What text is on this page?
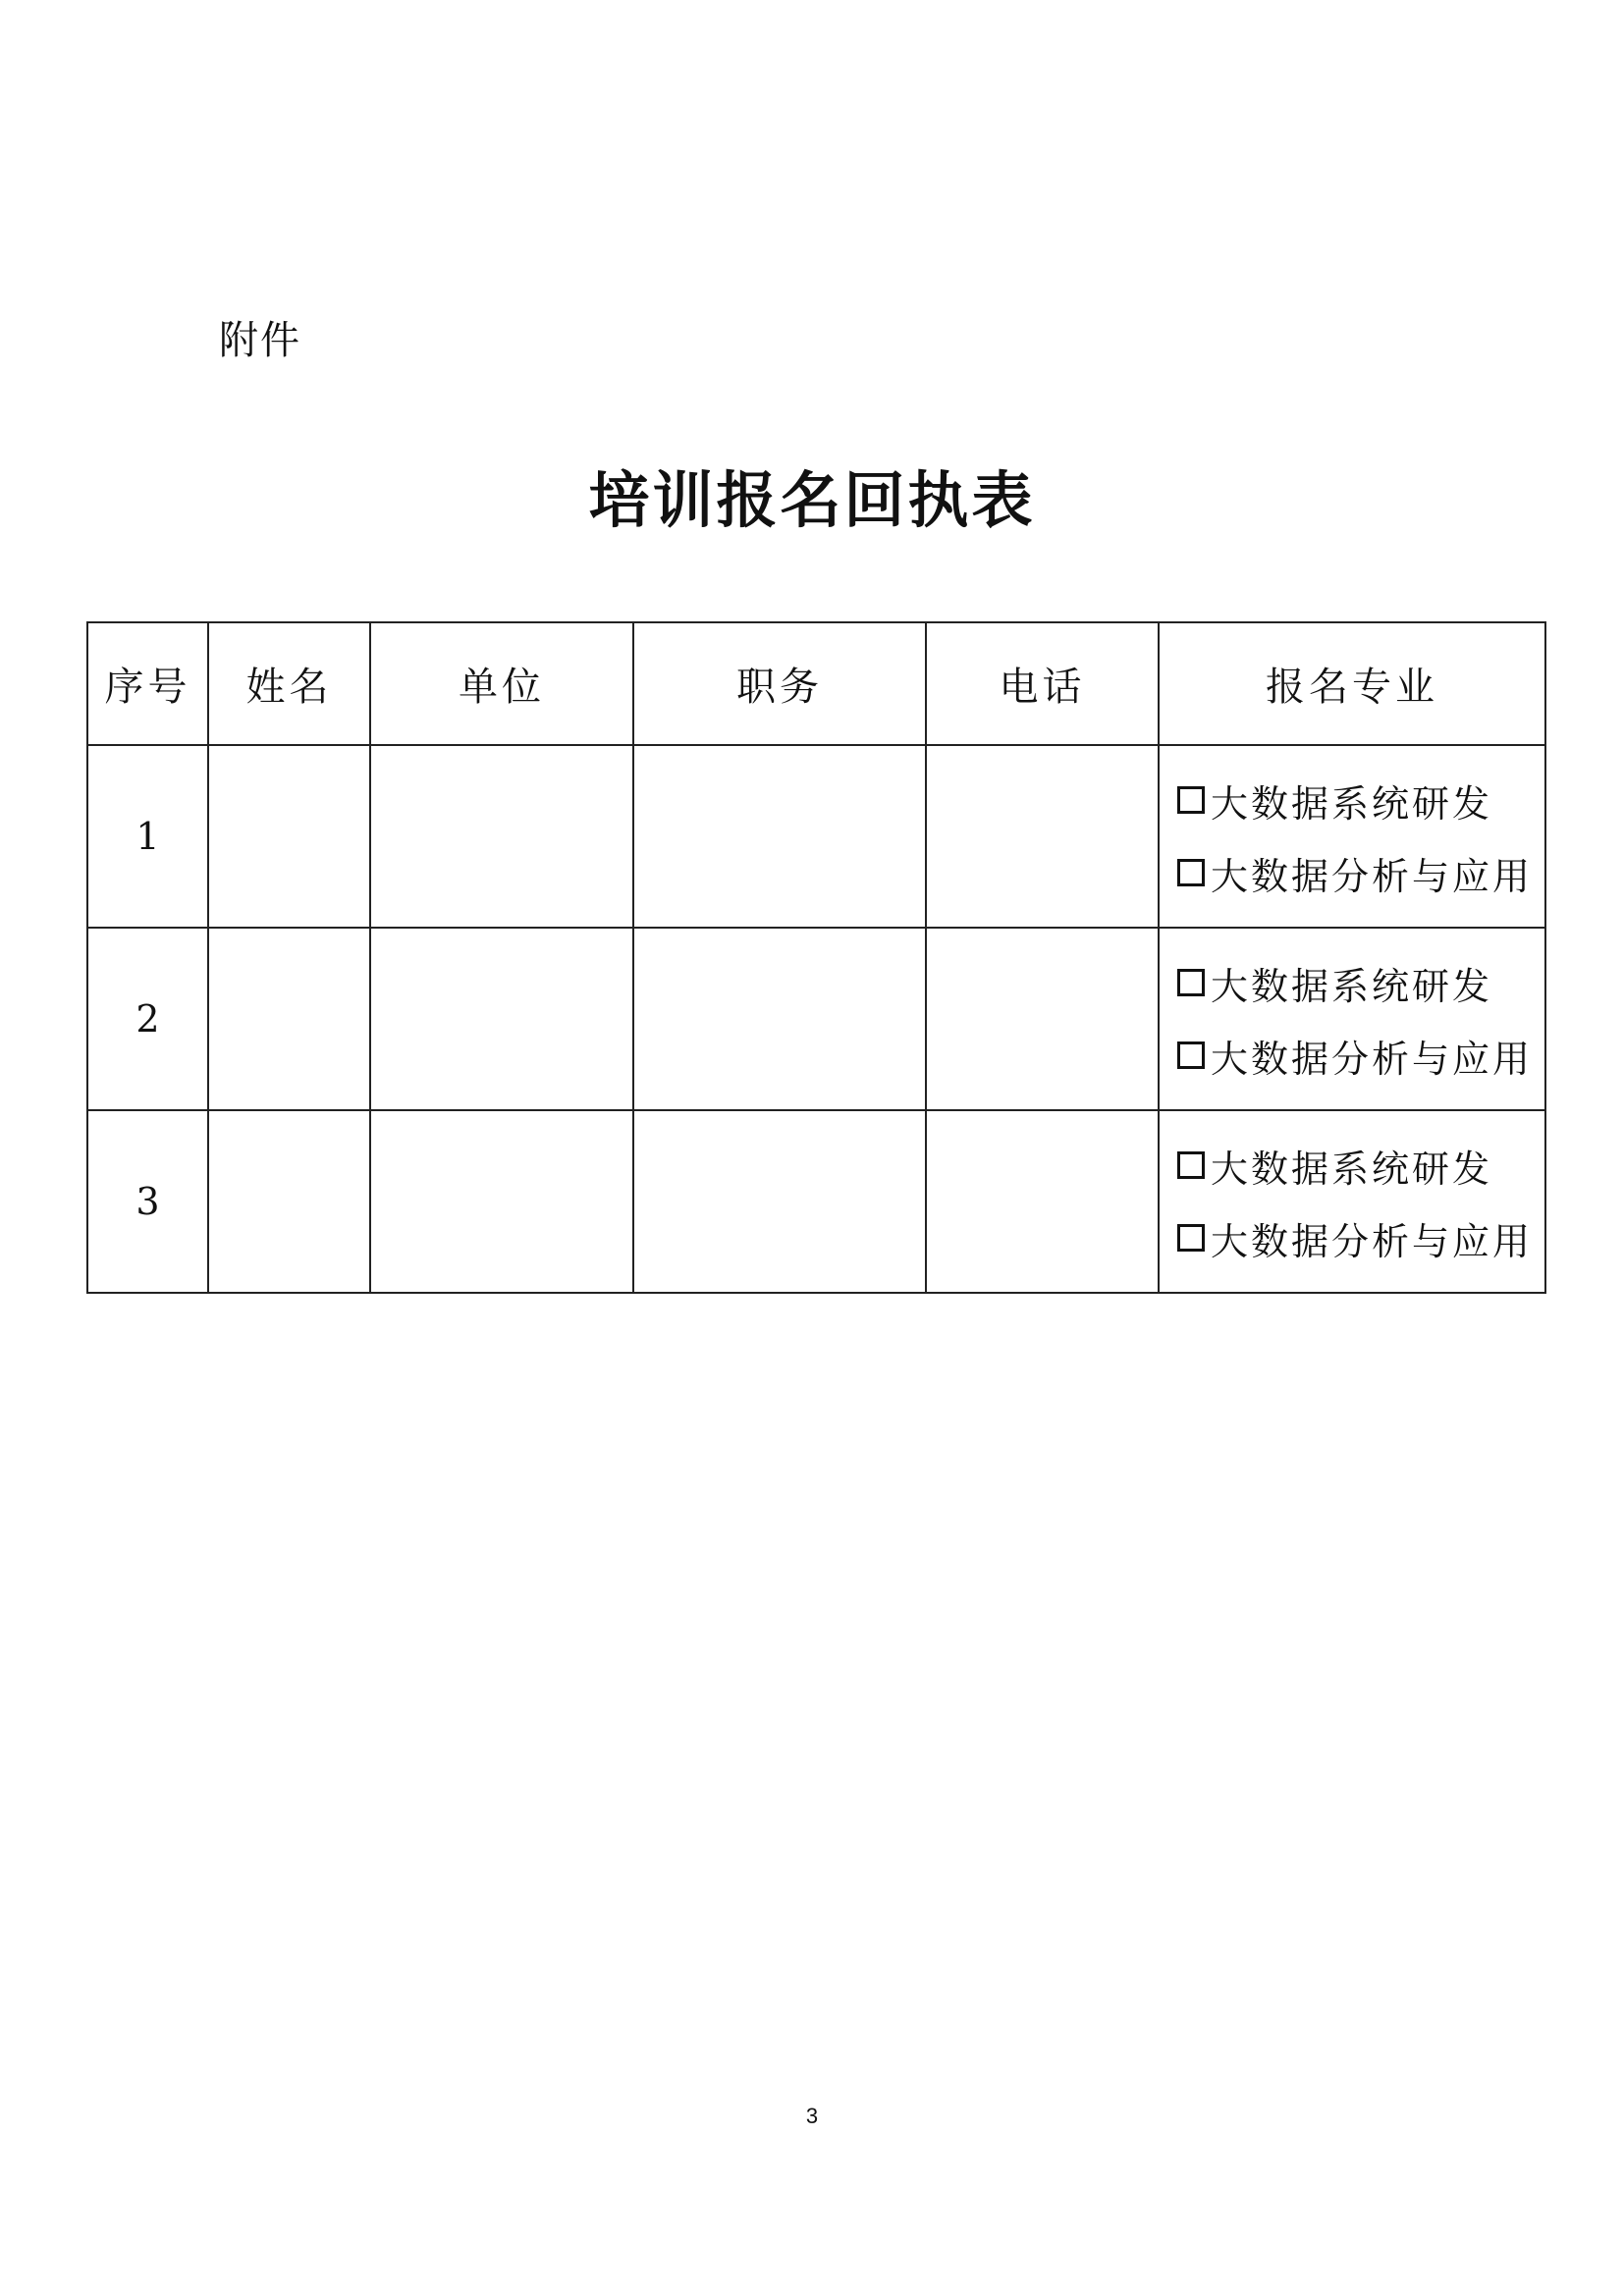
附件
培训报名回执表
序号	姓名	单位	职务	电话	报名专业
1					大数据系统研发
大数据分析与应用

2					大数据系统研发
大数据分析与应用

3					大数据系统研发
大数据分析与应用
3
